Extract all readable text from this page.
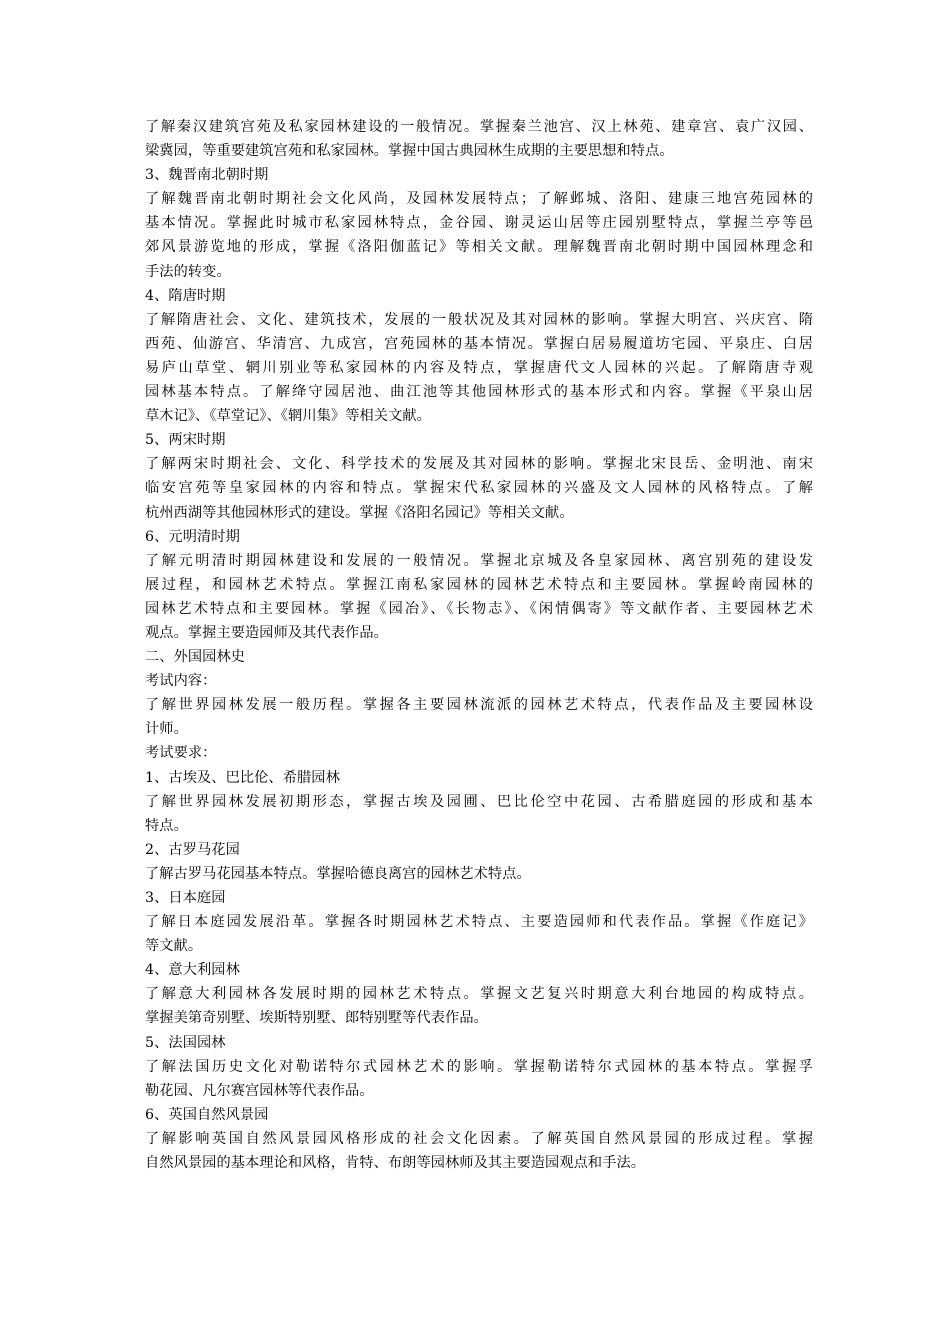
了解秦汉建筑宫苑及私家园林建设的一般情况。掌握秦兰池宫、汉上林苑、建章宫、袁广汉园、
梁冀园，等重要建筑宫苑和私家园林。掌握中国古典园林生成期的主要思想和特点。
3、魏晋南北朝时期
了解魏晋南北朝时期社会文化风尚，及园林发展特点；了解邺城、洛阳、建康三地宫苑园林的
基本情况。掌握此时城市私家园林特点，金谷园、谢灵运山居等庄园别墅特点，掌握兰亭等邑
郊风景游览地的形成，掌握《洛阳伽蓝记》等相关文献。理解魏晋南北朝时期中国园林理念和
手法的转变。
4、隋唐时期
了解隋唐社会、文化、建筑技术，发展的一般状况及其对园林的影响。掌握大明宫、兴庆宫、隋
西苑、仙游宫、华清宫、九成宫，宫苑园林的基本情况。掌握白居易履道坊宅园、平泉庄、白居
易庐山草堂、辋川别业等私家园林的内容及特点，掌握唐代文人园林的兴起。了解隋唐寺观
园林基本特点。了解绛守园居池、曲江池等其他园林形式的基本形式和内容。掌握《平泉山居
草木记》、《草堂记》、《辋川集》等相关文献。
5、两宋时期
了解两宋时期社会、文化、科学技术的发展及其对园林的影响。掌握北宋艮岳、金明池、南宋
临安宫苑等皇家园林的内容和特点。掌握宋代私家园林的兴盛及文人园林的风格特点。了解
杭州西湖等其他园林形式的建设。掌握《洛阳名园记》等相关文献。
6、元明清时期
了解元明清时期园林建设和发展的一般情况。掌握北京城及各皇家园林、离宫别苑的建设发
展过程，和园林艺术特点。掌握江南私家园林的园林艺术特点和主要园林。掌握岭南园林的
园林艺术特点和主要园林。掌握《园冶》、《长物志》、《闲情偶寄》等文献作者、主要园林艺术
观点。掌握主要造园师及其代表作品。
二、外国园林史
考试内容：
了解世界园林发展一般历程。掌握各主要园林流派的园林艺术特点，代表作品及主要园林设
计师。
考试要求：
1、古埃及、巴比伦、希腊园林
了解世界园林发展初期形态，掌握古埃及园圃、巴比伦空中花园、古希腊庭园的形成和基本
特点。
2、古罗马花园
了解古罗马花园基本特点。掌握哈德良离宫的园林艺术特点。
3、日本庭园
了解日本庭园发展沿革。掌握各时期园林艺术特点、主要造园师和代表作品。掌握《作庭记》
等文献。
4、意大利园林
了解意大利园林各发展时期的园林艺术特点。掌握文艺复兴时期意大利台地园的构成特点。
掌握美第奇别墅、埃斯特别墅、郎特别墅等代表作品。
5、法国园林
了解法国历史文化对勒诺特尔式园林艺术的影响。掌握勒诺特尔式园林的基本特点。掌握孚
勒花园、凡尔赛宫园林等代表作品。
6、英国自然风景园
了解影响英国自然风景园风格形成的社会文化因素。了解英国自然风景园的形成过程。掌握
自然风景园的基本理论和风格，肯特、布朗等园林师及其主要造园观点和手法。
